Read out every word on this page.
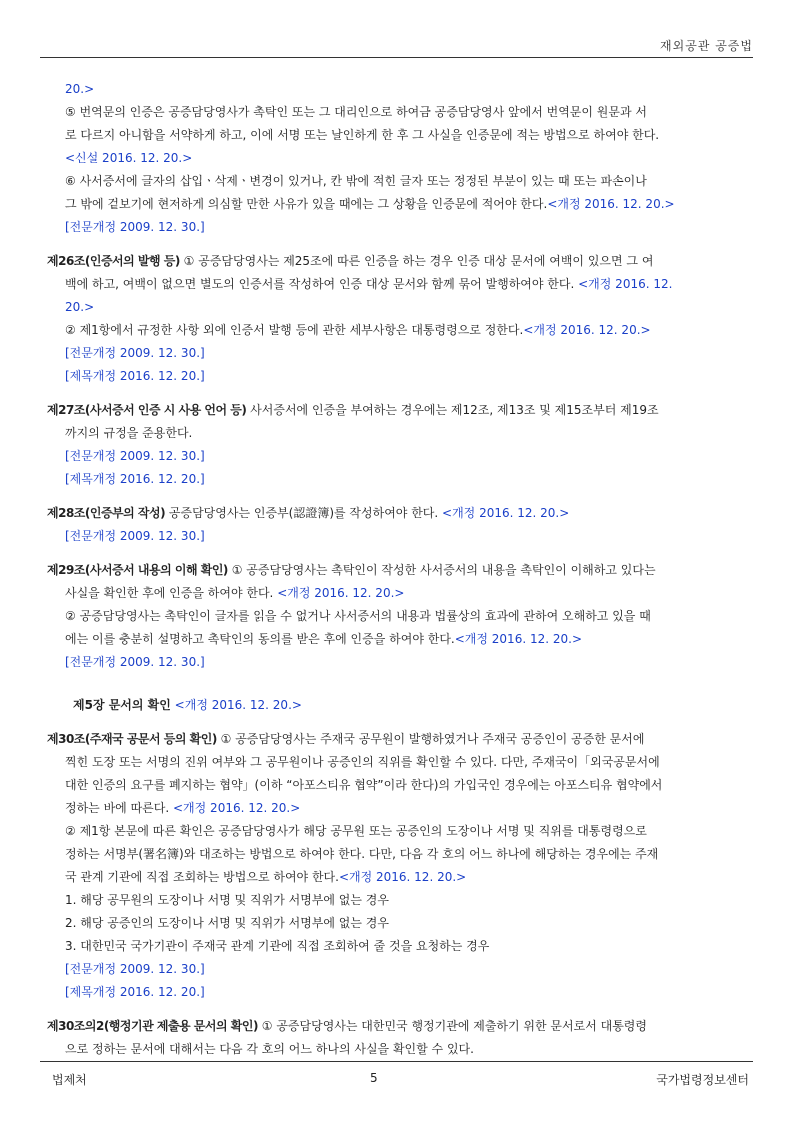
재외공관 공증법
20.>
⑤ 번역문의 인증은 공증담당영사가 촉탁인 또는 그 대리인으로 하여금 공증담당영사 앞에서 번역문이 원문과 서
로 다르지 아니함을 서약하게 하고, 이에 서명 또는 날인하게 한 후 그 사실을 인증문에 적는 방법으로 하여야 한다.
<신설 2016. 12. 20.>
⑥ 사서증서에 글자의 삽입ㆍ삭제ㆍ변경이 있거나, 칸 밖에 적힌 글자 또는 정정된 부분이 있는 때 또는 파손이나
그 밖에 겉보기에 현저하게 의심할 만한 사유가 있을 때에는 그 상황을 인증문에 적어야 한다.<개정 2016. 12. 20.>
[전문개정 2009. 12. 30.]
제26조(인증서의 발행 등) ① 공증담당영사는 제25조에 따른 인증을 하는 경우 인증 대상 문서에 여백이 있으면 그 여
백에 하고, 여백이 없으면 별도의 인증서를 작성하여 인증 대상 문서와 함께 묶어 발행하여야 한다. <개정 2016. 12.
20.>
② 제1항에서 규정한 사항 외에 인증서 발행 등에 관한 세부사항은 대통령령으로 정한다.<개정 2016. 12. 20.>
[전문개정 2009. 12. 30.]
[제목개정 2016. 12. 20.]
제27조(사서증서 인증 시 사용 언어 등) 사서증서에 인증을 부여하는 경우에는 제12조, 제13조 및 제15조부터 제19조
까지의 규정을 준용한다.
[전문개정 2009. 12. 30.]
[제목개정 2016. 12. 20.]
제28조(인증부의 작성) 공증담당영사는 인증부(認證簿)를 작성하여야 한다. <개정 2016. 12. 20.>
[전문개정 2009. 12. 30.]
제29조(사서증서 내용의 이해 확인) ① 공증담당영사는 촉탁인이 작성한 사서증서의 내용을 촉탁인이 이해하고 있다는
사실을 확인한 후에 인증을 하여야 한다. <개정 2016. 12. 20.>
② 공증담당영사는 촉탁인이 글자를 읽을 수 없거나 사서증서의 내용과 법률상의 효과에 관하여 오해하고 있을 때
에는 이를 충분히 설명하고 촉탁인의 동의를 받은 후에 인증을 하여야 한다.<개정 2016. 12. 20.>
[전문개정 2009. 12. 30.]
제5장 문서의 확인 <개정 2016. 12. 20.>
제30조(주재국 공문서 등의 확인) ① 공증담당영사는 주재국 공무원이 발행하였거나 주재국 공증인이 공증한 문서에
찍힌 도장 또는 서명의 진위 여부와 그 공무원이나 공증인의 직위를 확인할 수 있다. 다만, 주재국이「외국공문서에
대한 인증의 요구를 폐지하는 협약」(이하 “아포스티유 협약”이라 한다)의 가입국인 경우에는 아포스티유 협약에서
정하는 바에 따른다. <개정 2016. 12. 20.>
② 제1항 본문에 따른 확인은 공증담당영사가 해당 공무원 또는 공증인의 도장이나 서명 및 직위를 대통령령으로
정하는 서명부(署名簿)와 대조하는 방법으로 하여야 한다. 다만, 다음 각 호의 어느 하나에 해당하는 경우에는 주재
국 관계 기관에 직접 조회하는 방법으로 하여야 한다.<개정 2016. 12. 20.>
1. 해당 공무원의 도장이나 서명 및 직위가 서명부에 없는 경우
2. 해당 공증인의 도장이나 서명 및 직위가 서명부에 없는 경우
3. 대한민국 국가기관이 주재국 관계 기관에 직접 조회하여 줄 것을 요청하는 경우
[전문개정 2009. 12. 30.]
[제목개정 2016. 12. 20.]
제30조의2(행정기관 제출용 문서의 확인) ① 공증담당영사는 대한민국 행정기관에 제출하기 위한 문서로서 대통령령
으로 정하는 문서에 대해서는 다음 각 호의 어느 하나의 사실을 확인할 수 있다.
법제처	5	국가법령정보센터
